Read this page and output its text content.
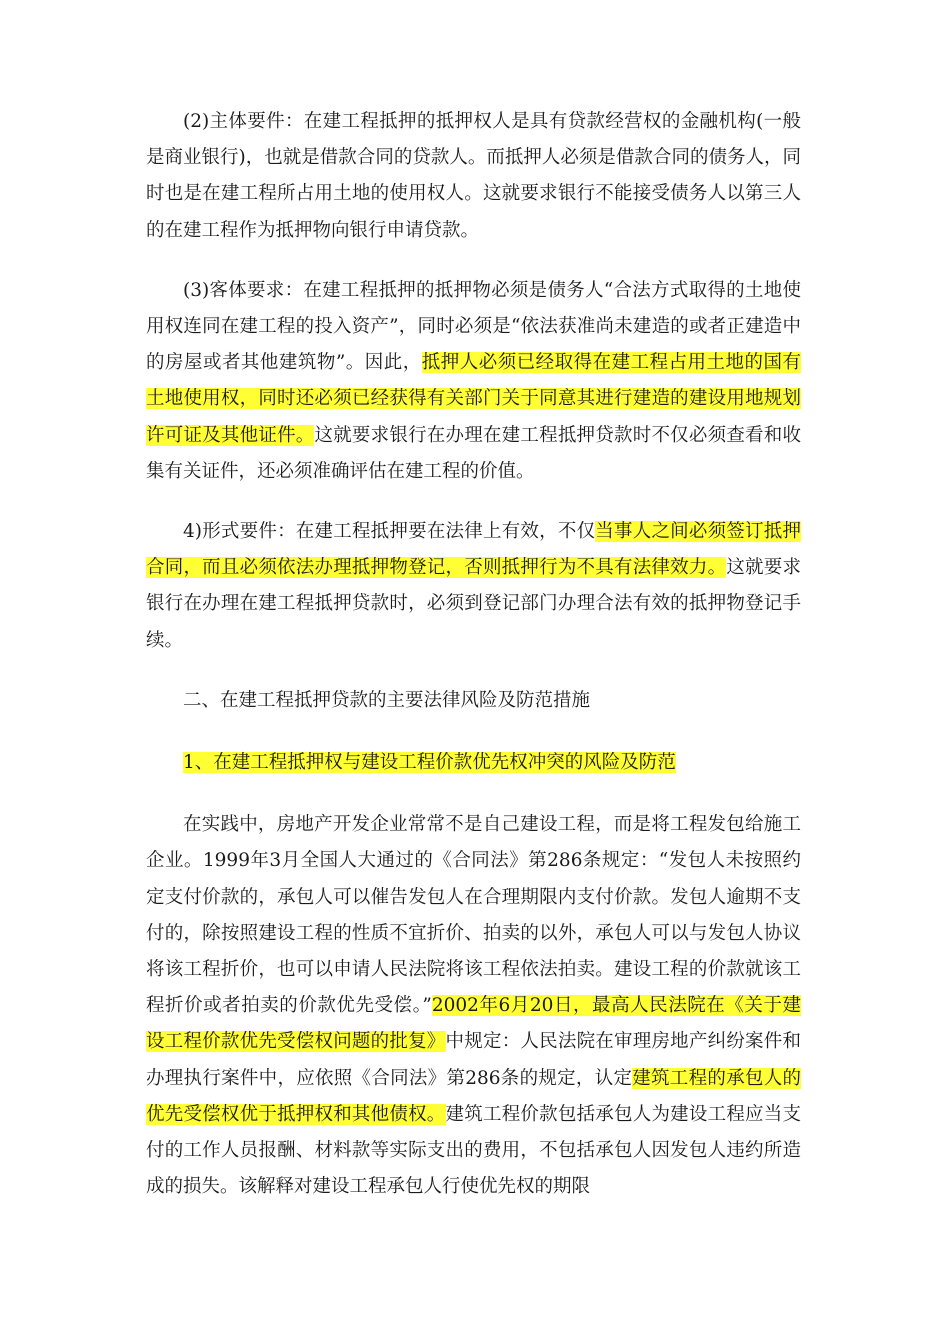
(2)主体要件：在建工程抵押的抵押权人是具有贷款经营权的金融机构(一般是商业银行)，也就是借款合同的贷款人。而抵押人必须是借款合同的债务人，同时也是在建工程所占用土地的使用权人。这就要求银行不能接受债务人以第三人的在建工程作为抵押物向银行申请贷款。

(3)客体要求：在建工程抵押的抵押物必须是债务人“合法方式取得的土地使用权连同在建工程的投入资产”，同时必须是“依法获准尚未建造的或者正建造中的房屋或者其他建筑物”。因此，抵押人必须已经取得在建工程占用土地的国有土地使用权，同时还必须已经获得有关部门关于同意其进行建造的建设用地规划许可证及其他证件。这就要求银行在办理在建工程抵押贷款时不仅必须查看和收集有关证件，还必须准确评估在建工程的价值。

4)形式要件：在建工程抵押要在法律上有效，不仅当事人之间必须签订抵押合同，而且必须依法办理抵押物登记，否则抵押行为不具有法律效力。这就要求银行在办理在建工程抵押贷款时，必须到登记部门办理合法有效的抵押物登记手续。

二、在建工程抵押贷款的主要法律风险及防范措施

1、在建工程抵押权与建设工程价款优先权冲突的风险及防范

在实践中，房地产开发企业常常不是自己建设工程，而是将工程发包给施工企业。1999年3月全国人大通过的《合同法》第286条规定：“发包人未按照约定支付价款的，承包人可以催告发包人在合理期限内支付价款。发包人逾期不支付的，除按照建设工程的性质不宜折价、拍卖的以外，承包人可以与发包人协议将该工程折价，也可以申请人民法院将该工程依法拍卖。建设工程的价款就该工程折价或者拍卖的价款优先受偿。”2002年6月20日，最高人民法院在《关于建设工程价款优先受偿权问题的批复》中规定：人民法院在审理房地产纠纷案件和办理执行案件中，应依照《合同法》第286条的规定，认定建筑工程的承包人的优先受偿权优于抵押权和其他债权。建筑工程价款包括承包人为建设工程应当支付的工作人员报酬、材料款等实际支出的费用，不包括承包人因发包人违约所造成的损失。该解释对建设工程承包人行使优先权的期限
